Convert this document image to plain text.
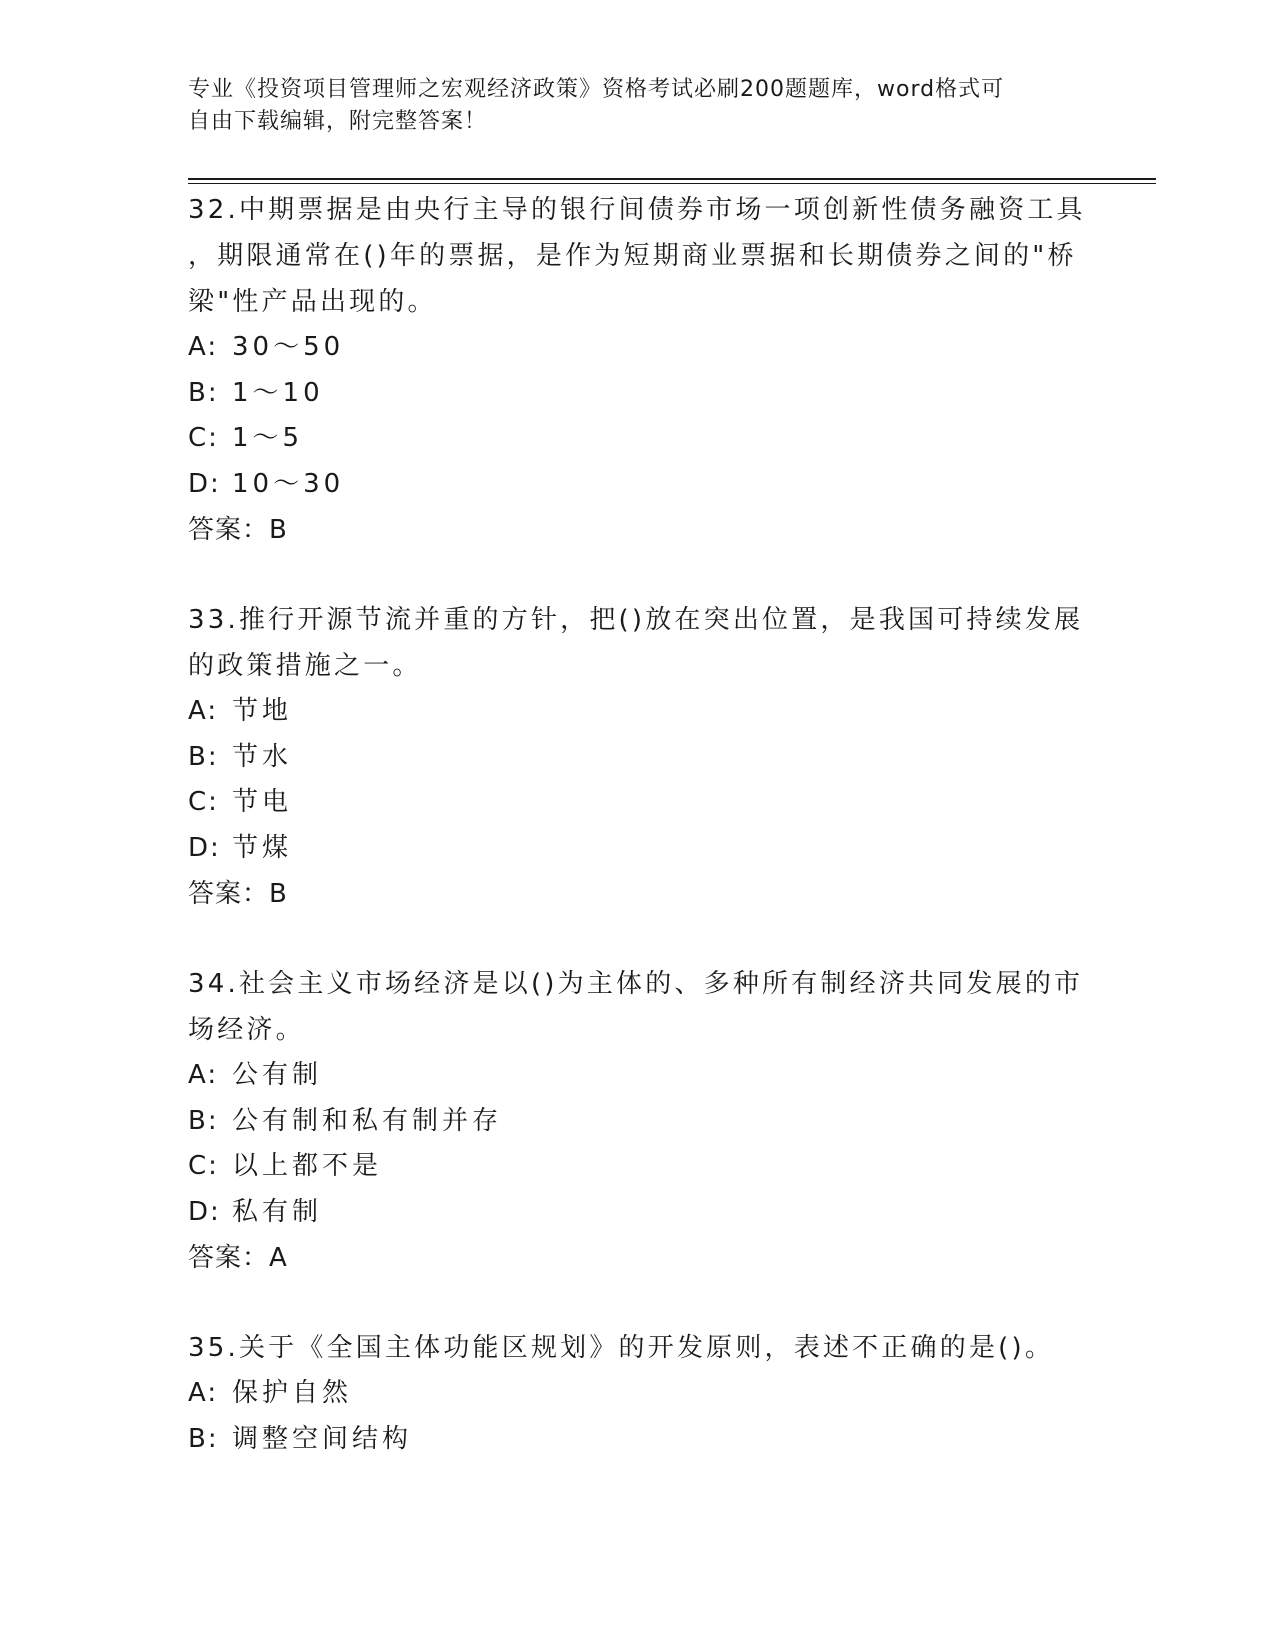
专业《投资项目管理师之宏观经济政策》资格考试必刷200题题库，word格式可
自由下载编辑，附完整答案！

32.中期票据是由央行主导的银行间债券市场一项创新性债务融资工具

，期限通常在()年的票据，是作为短期商业票据和长期债券之间的"桥

梁"性产品出现的。

A: 30～50

B: 1～10

C: 1～5

D: 10～30

答案：B

33.推行开源节流并重的方针，把()放在突出位置，是我国可持续发展

的政策措施之一。

A: 节地

B: 节水

C: 节电

D: 节煤

答案：B

34.社会主义市场经济是以()为主体的、多种所有制经济共同发展的市

场经济。

A: 公有制

B: 公有制和私有制并存

C: 以上都不是

D: 私有制

答案：A

35.关于《全国主体功能区规划》的开发原则，表述不正确的是()。

A: 保护自然

B: 调整空间结构
